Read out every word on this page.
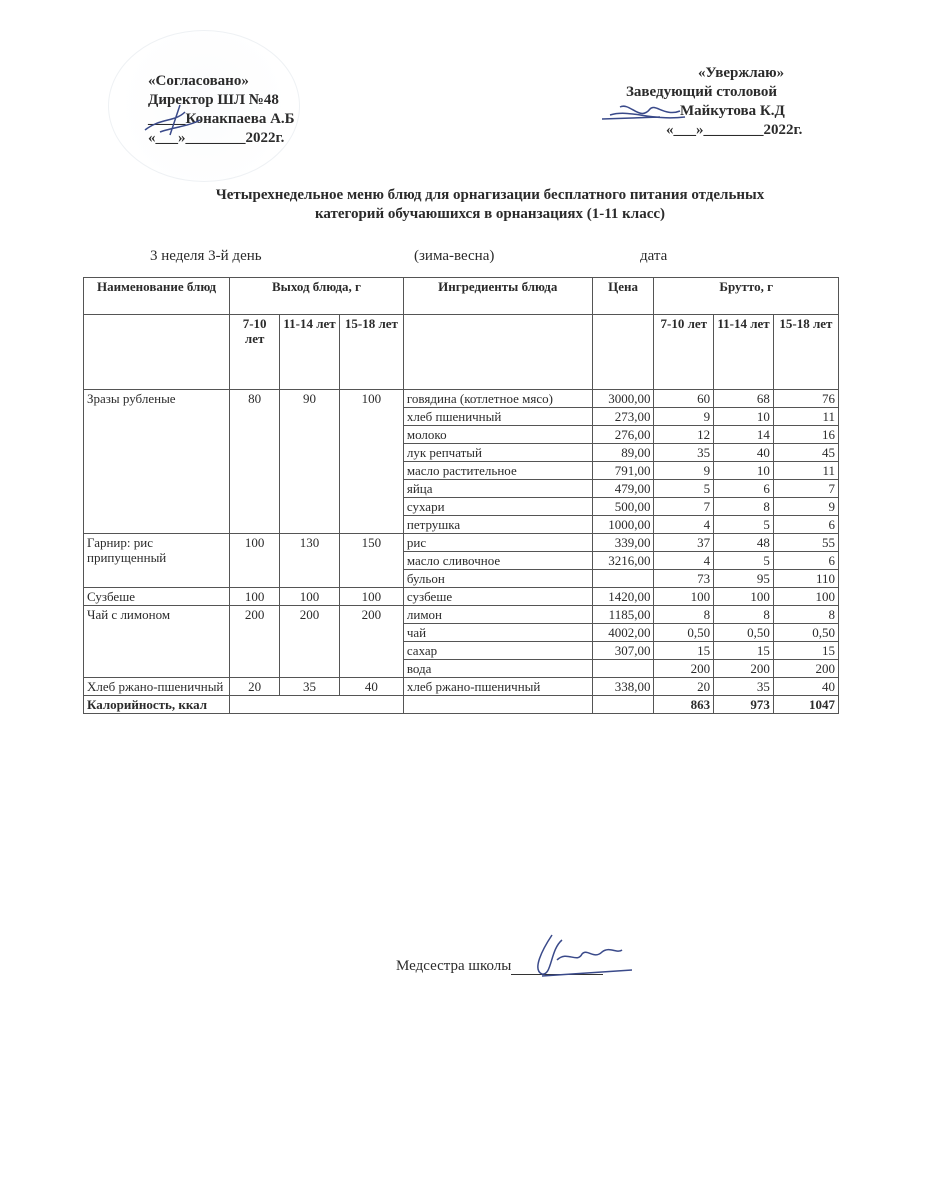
«Согласовано»
Директор ШЛ №48
_____Конакпаева А.Б
«___»________2022г.
«Увержлаю»
Заведующий столовой
Майкутова К.Д
«___»________2022г.
Четырехнедельное меню блюд для орнагизации бесплатного питания отдельных
категорий обучаюшихся в орнанзациях (1-11 класс)
3 неделя 3-й день	(зима-весна)	дата
Наименование блюд	Выход блюда, г			Ингредиенты блюда	Цена	Брутто, г		
	7-10 лет	11-14 лет	15-18 лет			7-10 лет	11-14 лет	15-18 лет
Зразы рубленые	80	90	100	говядина (котлетное мясо)	3000,00	60	68	76
				хлеб пшеничный	273,00	9	10	11
				молоко	276,00	12	14	16
				лук репчатый	89,00	35	40	45
				масло растительное	791,00	9	10	11
				яйца	479,00	5	6	7
				сухари	500,00	7	8	9
				петрушка	1000,00	4	5	6
Гарнир: рис припущенный	100	130	150	рис	339,00	37	48	55
				масло сливочное	3216,00	4	5	6
				бульон		73	95	110
Сузбеше	100	100	100	сузбеше	1420,00	100	100	100
Чай с лимоном	200	200	200	лимон	1185,00	8	8	8
				чай	4002,00	0,50	0,50	0,50
				сахар	307,00	15	15	15
				вода		200	200	200
Хлеб ржано-пшеничный	20	35	40	хлеб ржано-пшеничный	338,00	20	35	40
Калорийность, ккал						863	973	1047
Медсестра школы
